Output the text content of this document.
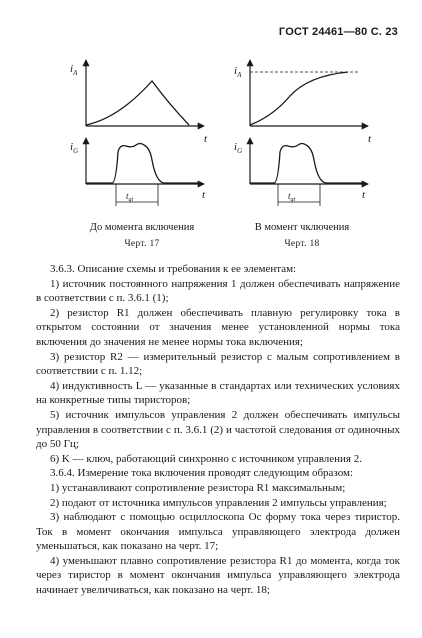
ГОСТ 24461—80 С. 23
$i_A$
t
$i_G$
t
$t_{gt}$
$i_A$
t
$i_G$
t
$t_{gt}$
До момента включения
Черт. 17
В момент чключения
Черт. 18

3.6.3. Описание схемы и требования к ее элементам:

1) источник постоянного напряжения 1 должен обеспечивать напряжение в соответствии с п. 3.6.1 (1);

2) резистор R1 должен обеспечивать плавную регулировку тока в открытом состоянии от значения менее установленной нормы тока включения до значения не менее нормы тока включения;

3) резистор R2 — измерительный резистор с малым сопротивлением в соответствии с п. 1.12;

4) индуктивность L — указанные в стандартах или технических условиях на конкретные типы тиристоров;

5) источник импульсов управления 2 должен обеспечивать импульсы управления в соответствии с п. 3.6.1 (2) и частотой следования от одиночных до 50 Гц;

6) K — ключ, работающий синхронно с источником управления 2.

3.6.4. Измерение тока включения проводят следующим образом:

1) устанавливают сопротивление резистора R1 максимальным;

2) подают от источника импульсов управления 2 импульсы управления;

3) наблюдают с помощью осциллоскопа Oc форму тока через тиристор. Ток в момент окончания импульса управляющего электрода должен уменьшаться, как показано на черт. 17;

4) уменьшают плавно сопротивление резистора R1 до момента, когда ток через тиристор в момент окончания импульса управляющего электрода начинает увеличиваться, как показано на черт. 18;
